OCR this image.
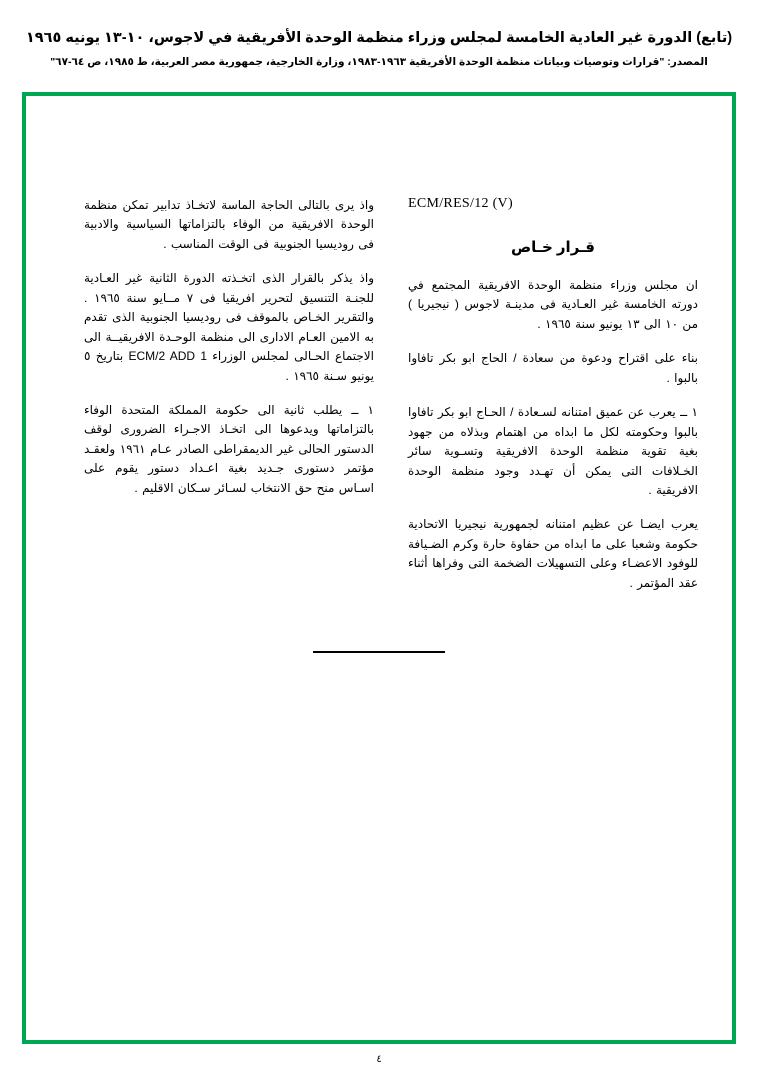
(تابع) الدورة غير العادية الخامسة لمجلس وزراء منظمة الوحدة الأفريقية في لاجوس، ١٠-١٣ يونيه ١٩٦٥
المصدر: "قرارات وتوصيات وبيانات منظمة الوحدة الأفريقية ١٩٦٣-١٩٨٣، وزارة الخارجية، جمهورية مصر العربية، ط ١٩٨٥، ص ٦٤-٦٧"
ECM/RES/12 (V)
قـرار خـاص

ان مجلس وزراء منظمة الوحدة الافريقية المجتمع في دورته الخامسة غير العـادية فى مدينـة لاجوس ( نيجيريا ) من ١٠ الى ١٣ يونيو سنة ١٩٦٥ .

بناء على اقتراح ودعوة من سعادة / الحاج ابو بكر تافاوا بالبوا .

١ ــ يعرب عن عميق امتنانه لسـعادة / الحـاج ابو بكر تافاوا بالبوا وحكومته لكل ما ابداه من اهتمام وبذلاه من جهود بغية تقوية منظمة الوحدة الافريقية وتسـوية سائر الخـلافات التى يمكن أن تهـدد وجود منظمة الوحدة الافريقية .

يعرب ايضـا عن عظيم امتنانه لجمهورية نيجيريا الاتحادية حكومة وشعبا على ما ابداه من حفاوة حارة وكرم الضـيافة للوفود الاعضـاء وعلى التسهيلات الضخمة التى وفراها أثناء عقد المؤتمر .

واذ يرى بالتالى الحاجة الماسة لاتخـاذ تدابير تمكن منظمة الوحدة الافريقية من الوفاء بالتزاماتها السياسية والادبية فى روديسيا الجنوبية فى الوقت المناسب .

واذ يذكر بالقرار الذى اتخـذته الدورة الثانية غير العـادية للجنـة التنسيق لتحرير افريقيا فى ٧ مــايو سنة ١٩٦٥ . والتقرير الخـاص بالموقف فى روديسيا الجنوبية الذى تقدم به الامين العـام الادارى الى منظمة الوحـدة الافريقيــة الى الاجتماع الحـالى لمجلس الوزراء ECM/2 ADD 1 بتاريخ ٥ يونيو سـنة ١٩٦٥ .

١ ــ يطلب ثانية الى حكومة المملكة المتحدة الوفاء بالتزاماتها ويدعوها الى اتخـاذ الاجـراء الضرورى لوقف الدستور الحالى غير الديمقراطى الصادر عـام ١٩٦١ ولعقـد مؤتمر دستورى جـديد بغية اعـداد دستور يقوم على اسـاس منح حق الانتخاب لسـائر سـكان الاقليم .

٤
